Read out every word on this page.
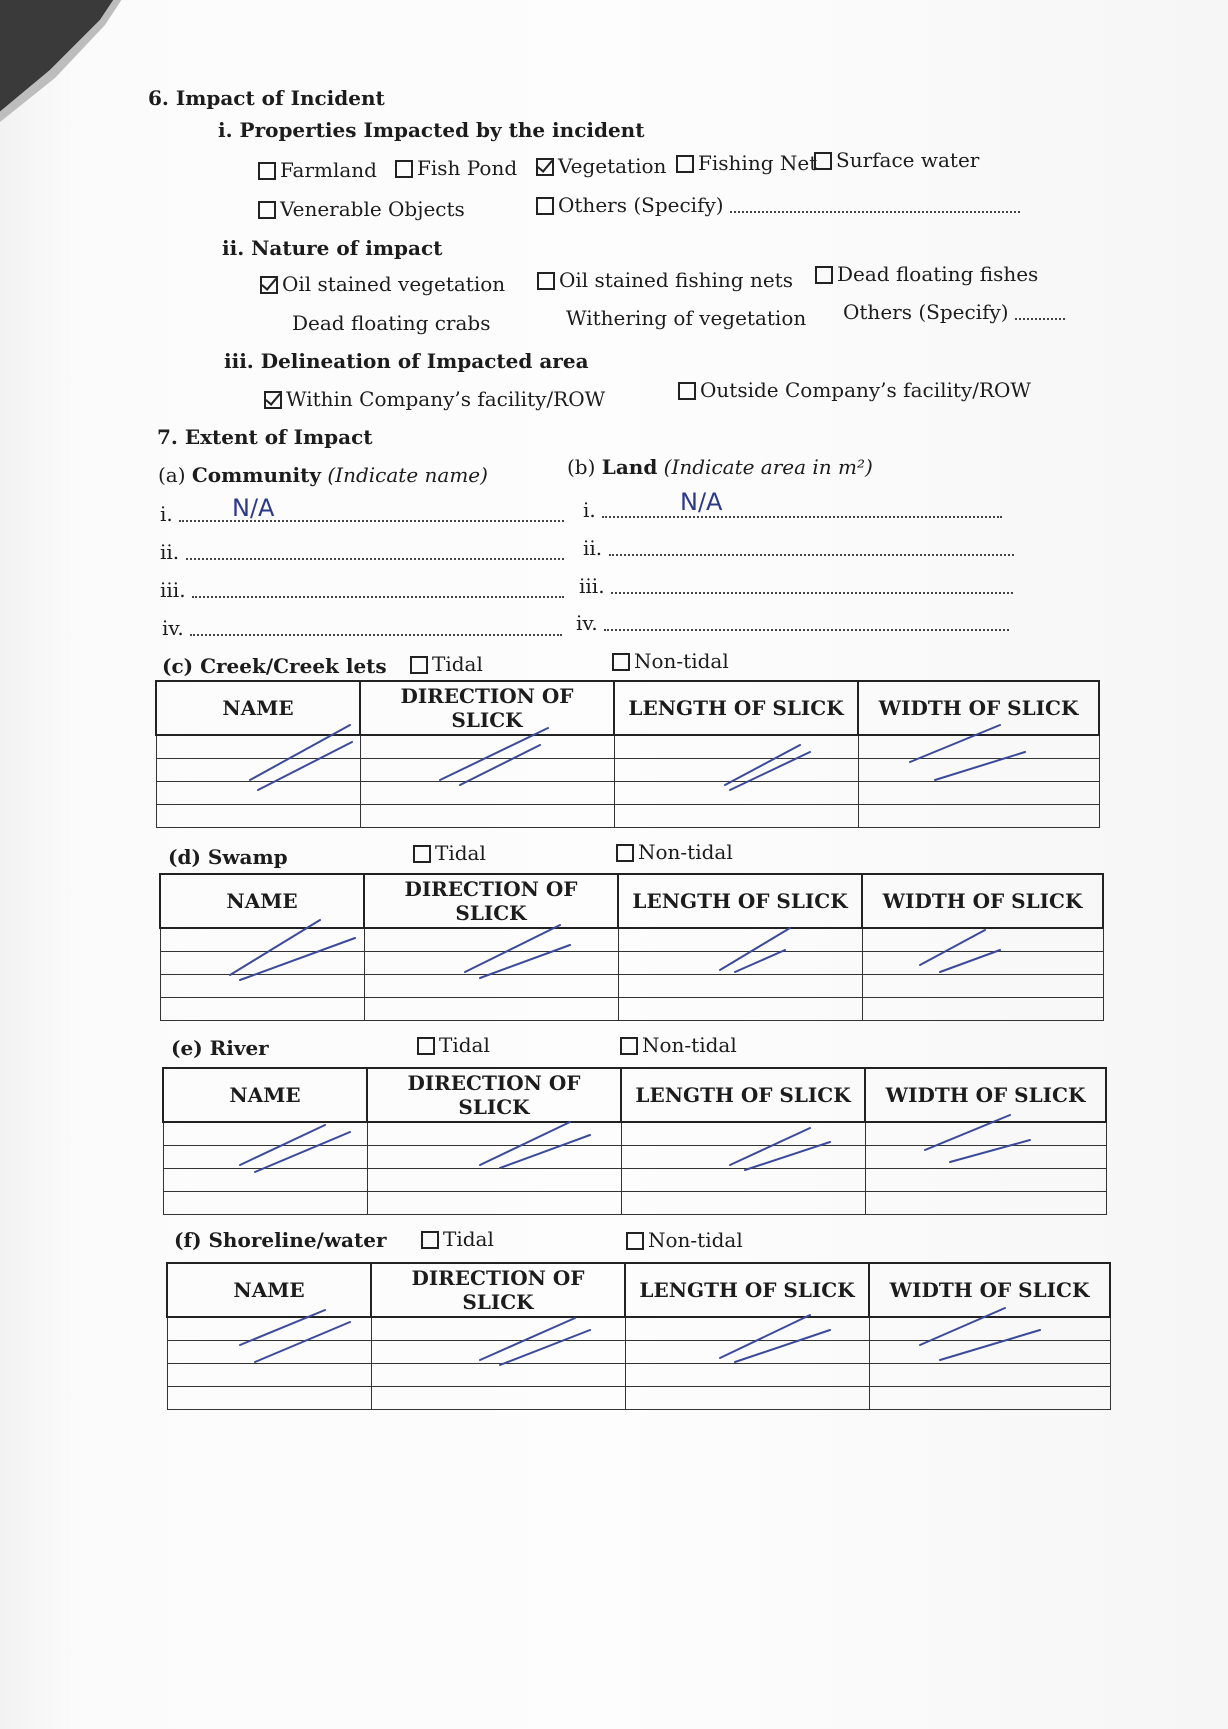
6. Impact of Incident
i. Properties Impacted by the incident
Farmland	Fish Pond	Vegetation	Fishing Net Surface water
Venerable Objects	Others (Specify)
ii. Nature of impact
Oil stained vegetation	Oil stained fishing nets	Dead floating fishes
Dead floating crabs	Withering of vegetation Others (Specify)
iii. Delineation of Impacted area
Within Company’s facility/ROW	Outside Company’s facility/ROW
7. Extent of Impact
(a) Community (Indicate name)	(b) Land (Indicate area in m²)
i.	N/A
ii.
iii.
iv.
i.	N/A
ii.
iii.
iv.
(c) Creek/Creek lets	Tidal	Non-tidal
NAME	DIRECTION OF SLICK	LENGTH OF SLICK	WIDTH OF SLICK

(d) Swamp	Tidal	Non-tidal
NAME	DIRECTION OF SLICK	LENGTH OF SLICK	WIDTH OF SLICK

(e) River	Tidal	Non-tidal
NAME	DIRECTION OF SLICK	LENGTH OF SLICK	WIDTH OF SLICK

(f) Shoreline/water	Tidal	Non-tidal
NAME	DIRECTION OF SLICK	LENGTH OF SLICK	WIDTH OF SLICK
